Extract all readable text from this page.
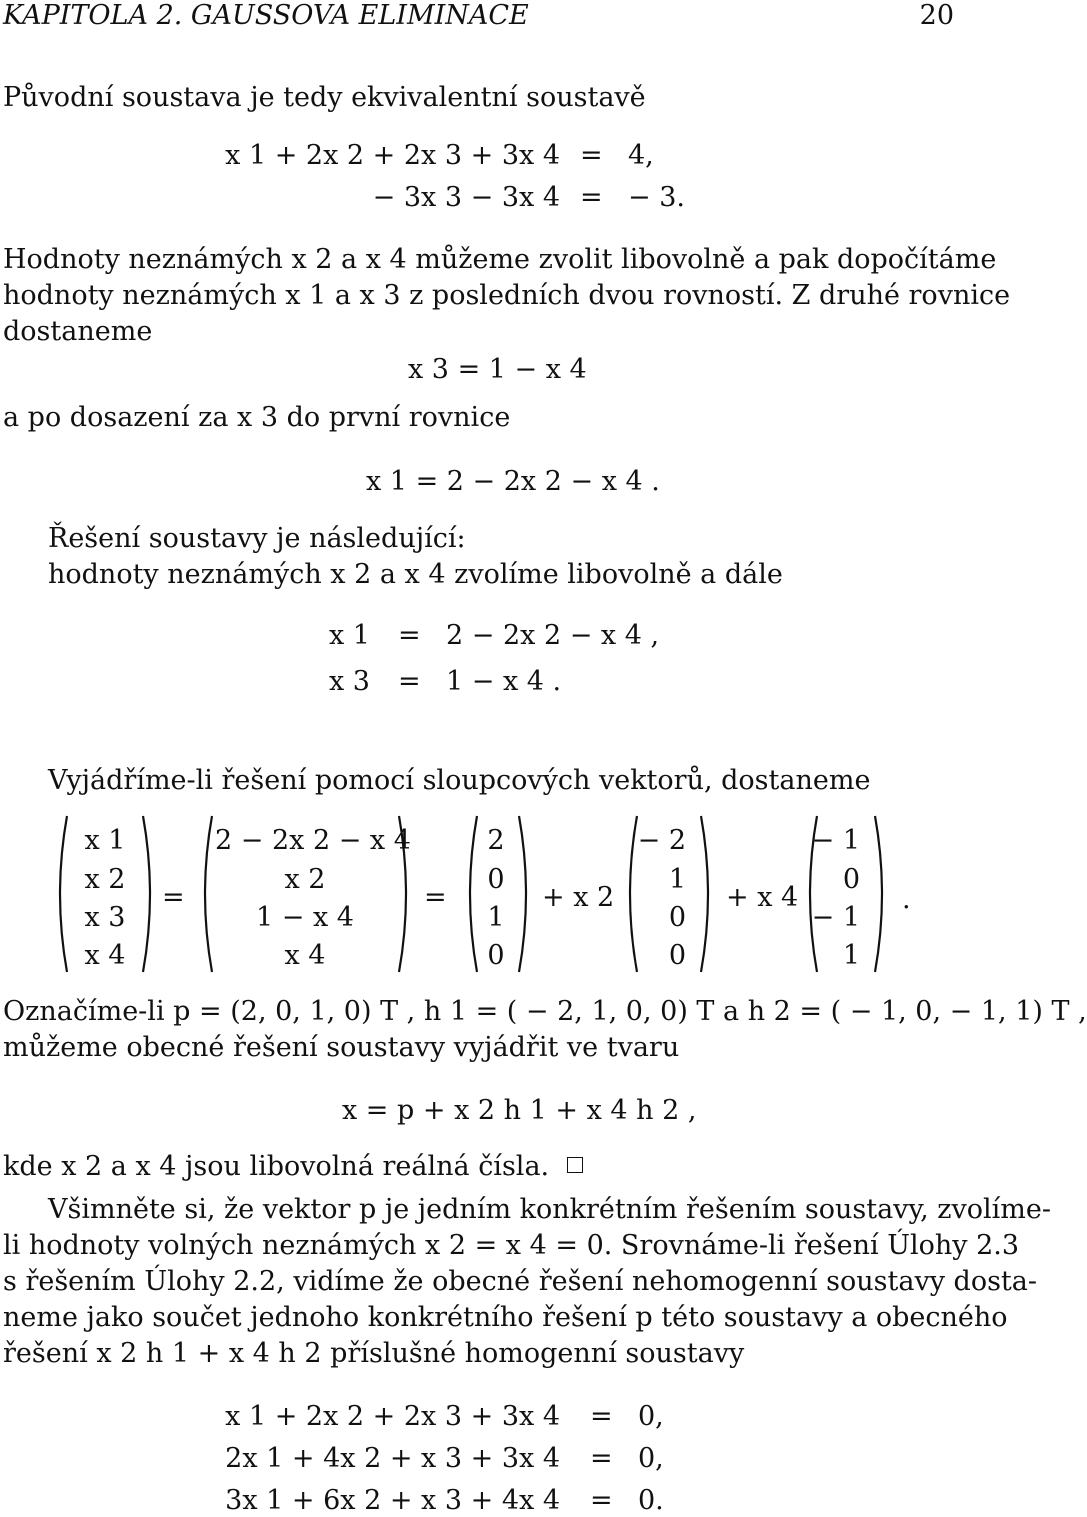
KAPITOLA 2. GAUSSOVA ELIMINACE	20
Původní soustava je tedy ekvivalentní soustavě
x 1 + 2x 2 + 2x 3 + 3x 4 = 4,
− 3x 3 − 3x 4 = − 3.
Hodnoty neznámých x 2 a x 4 můžeme zvolit libovolně a pak dopočítáme
hodnoty neznámých x 1 a x 3 z posledních dvou rovností. Z druhé rovnice
dostaneme
x 3 = 1 − x 4
a po dosazení za x 3 do první rovnice
x 1 = 2 − 2x 2 − x 4 .
Řešení soustavy je následující:
hodnoty neznámých x 2 a x 4 zvolíme libovolně a dále
x 1 = 2 − 2x 2 − x 4 ,
x 3 = 1 − x 4 .
Vyjádříme-li řešení pomocí sloupcových vektorů, dostaneme
x 1
x 2
x 3
x 4
=
2 − 2x 2 − x 4
x 2
1 − x 4
x 4
=
2
0
1
0
+ x 2
− 2
1
0
0
+ x 4
− 1
0
− 1
1
.
Označíme-li p = (2, 0, 1, 0) T , h 1 = ( − 2, 1, 0, 0) T a h 2 = ( − 1, 0, − 1, 1) T ,
můžeme obecné řešení soustavy vyjádřit ve tvaru
x = p + x 2 h 1 + x 4 h 2 ,
kde x 2 a x 4 jsou libovolná reálná čísla.
Všimněte si, že vektor p je jedním konkrétním řešením soustavy, zvolíme-
li hodnoty volných neznámých x 2 = x 4 = 0. Srovnáme-li řešení Úlohy 2.3
s řešením Úlohy 2.2, vidíme že obecné řešení nehomogenní soustavy dosta-
neme jako součet jednoho konkrétního řešení p této soustavy a obecného
řešení x 2 h 1 + x 4 h 2 příslušné homogenní soustavy
x 1 + 2x 2 + 2x 3 + 3x 4 = 0,
2x 1 + 4x 2 + x 3 + 3x 4 = 0,
3x 1 + 6x 2 + x 3 + 4x 4 = 0.
